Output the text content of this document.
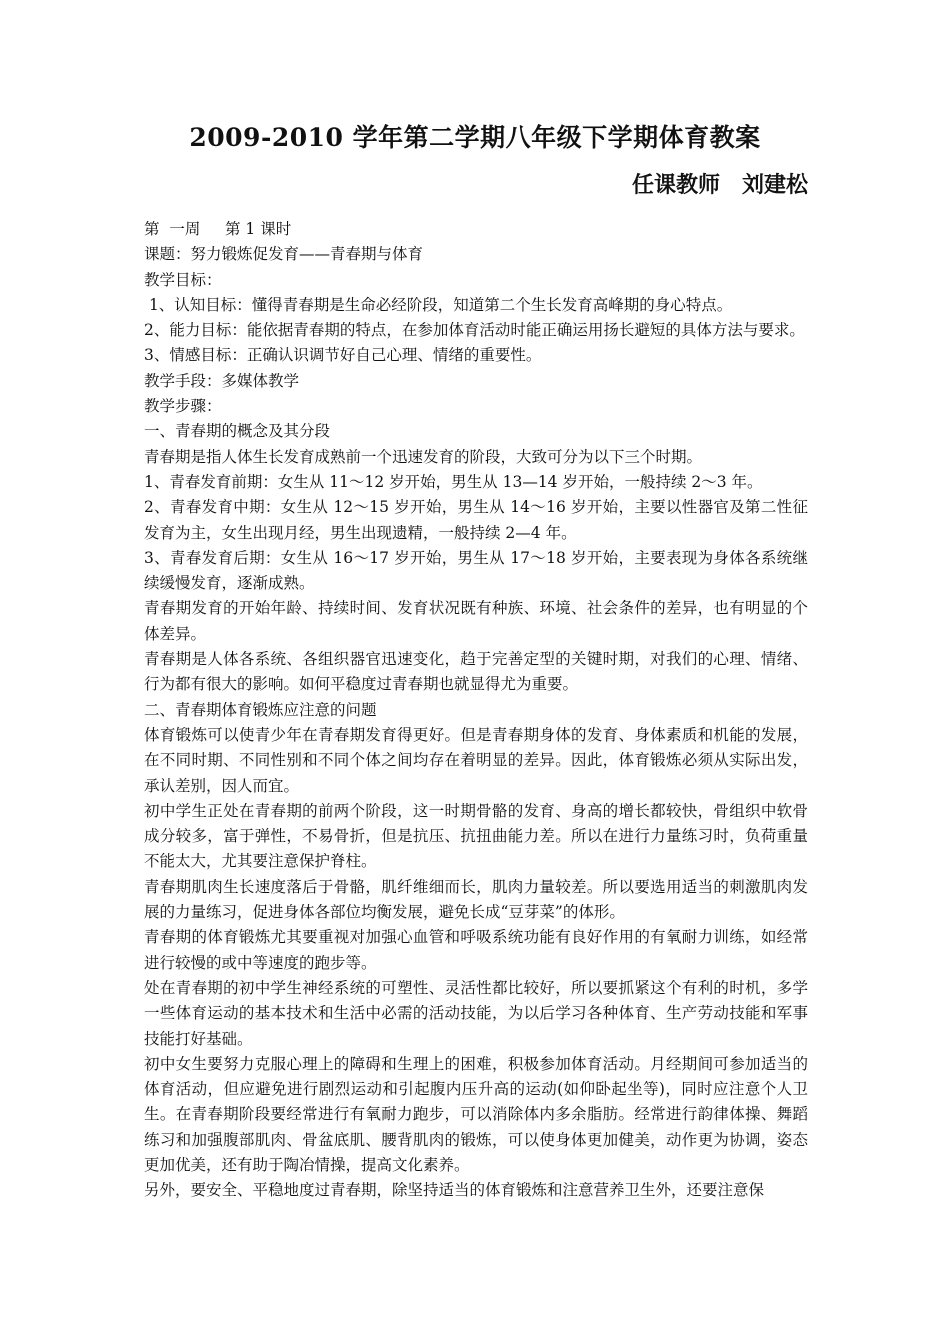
2009-2010 学年第二学期八年级下学期体育教案
任课教师　刘建松

第  一周     第 1 课时

课题：努力锻炼促发育——青春期与体育

教学目标：

1、认知目标：懂得青春期是生命必经阶段，知道第二个生长发育高峰期的身心特点。

2、能力目标：能依据青春期的特点，在参加体育活动时能正确运用扬长避短的具体方法与要求。

3、情感目标：正确认识调节好自己心理、情绪的重要性。

教学手段：多媒体教学

教学步骤：

一、青春期的概念及其分段

青春期是指人体生长发育成熟前一个迅速发育的阶段，大致可分为以下三个时期。

1、青春发育前期：女生从 11～12 岁开始，男生从 13—14 岁开始，一般持续 2～3 年。

2、青春发育中期：女生从 12～15 岁开始，男生从 14～16 岁开始，主要以性器官及第二性征发育为主，女生出现月经，男生出现遗精，一般持续 2—4 年。

3、青春发育后期：女生从 16～17 岁开始，男生从 17～18 岁开始，主要表现为身体各系统继续缓慢发育，逐渐成熟。

青春期发育的开始年龄、持续时间、发育状况既有种族、环境、社会条件的差异，也有明显的个体差异。

青春期是人体各系统、各组织器官迅速变化，趋于完善定型的关键时期，对我们的心理、情绪、行为都有很大的影响。如何平稳度过青春期也就显得尤为重要。

二、青春期体育锻炼应注意的问题

体育锻炼可以使青少年在青春期发育得更好。但是青春期身体的发育、身体素质和机能的发展，在不同时期、不同性别和不同个体之间均存在着明显的差异。因此，体育锻炼必须从实际出发，承认差别，因人而宜。

初中学生正处在青春期的前两个阶段，这一时期骨骼的发育、身高的增长都较快，骨组织中软骨成分较多，富于弹性，不易骨折，但是抗压、抗扭曲能力差。所以在进行力量练习时，负荷重量不能太大，尤其要注意保护脊柱。

青春期肌肉生长速度落后于骨骼，肌纤维细而长，肌肉力量较差。所以要选用适当的刺激肌肉发展的力量练习，促进身体各部位均衡发展，避免长成“豆芽菜”的体形。

青春期的体育锻炼尤其要重视对加强心血管和呼吸系统功能有良好作用的有氧耐力训练，如经常进行较慢的或中等速度的跑步等。

处在青春期的初中学生神经系统的可塑性、灵活性都比较好，所以要抓紧这个有利的时机，多学一些体育运动的基本技术和生活中必需的活动技能，为以后学习各种体育、生产劳动技能和军事技能打好基础。

初中女生要努力克服心理上的障碍和生理上的困难，积极参加体育活动。月经期间可参加适当的体育活动，但应避免进行剧烈运动和引起腹内压升高的运动(如仰卧起坐等)，同时应注意个人卫生。在青春期阶段要经常进行有氧耐力跑步，可以消除体内多余脂肪。经常进行韵律体操、舞蹈练习和加强腹部肌肉、骨盆底肌、腰背肌肉的锻炼，可以使身体更加健美，动作更为协调，姿态更加优美，还有助于陶冶情操，提高文化素养。

另外，要安全、平稳地度过青春期，除坚持适当的体育锻炼和注意营养卫生外，还要注意保
